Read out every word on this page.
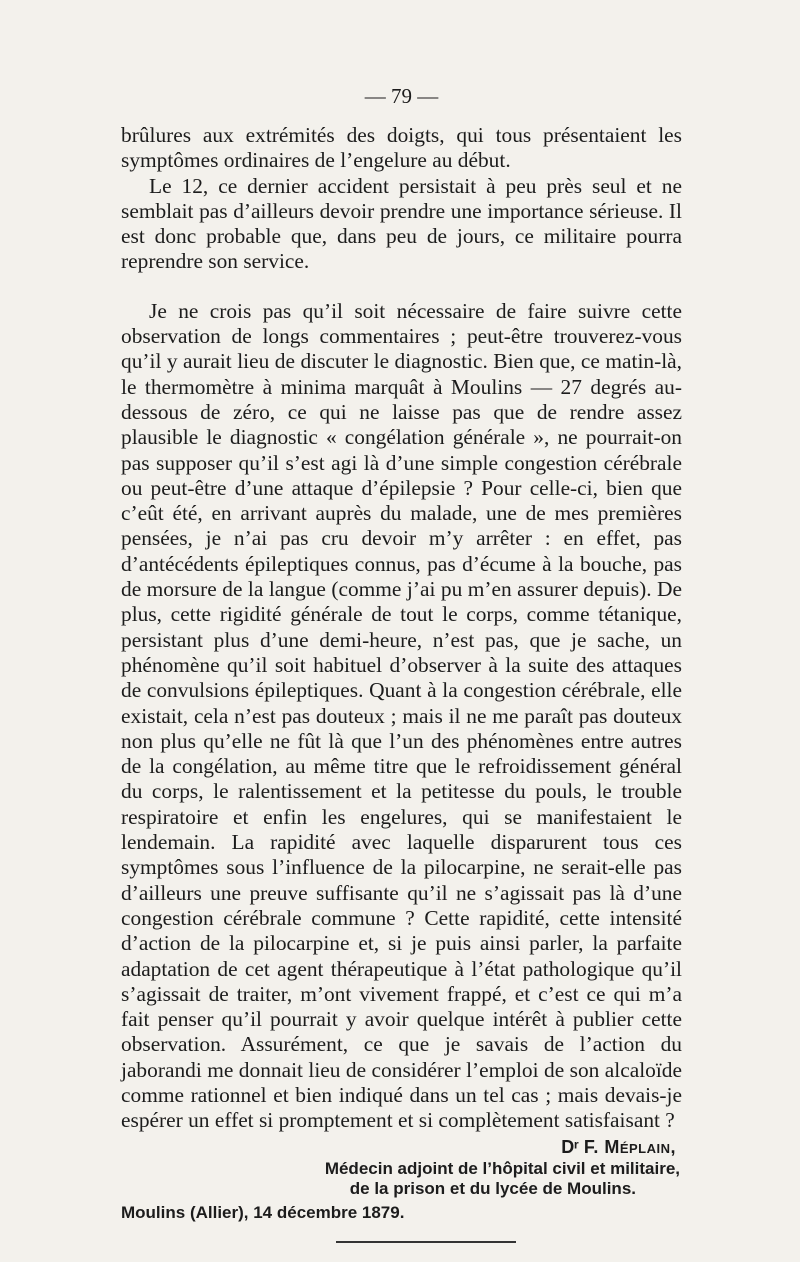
— 79 —

brûlures aux extrémités des doigts, qui tous présentaient les symptômes ordinaires de l’engelure au début.

Le 12, ce dernier accident persistait à peu près seul et ne semblait pas d’ailleurs devoir prendre une importance sérieuse. Il est donc probable que, dans peu de jours, ce militaire pourra reprendre son service.

Je ne crois pas qu’il soit nécessaire de faire suivre cette observation de longs commentaires ; peut-être trouverez-vous qu’il y aurait lieu de discuter le diagnostic. Bien que, ce matin-là, le thermomètre à minima marquât à Moulins — 27 degrés au-dessous de zéro, ce qui ne laisse pas que de rendre assez plausible le diagnostic « congélation générale », ne pourrait-on pas supposer qu’il s’est agi là d’une simple congestion cérébrale ou peut-être d’une attaque d’épilepsie ? Pour celle-ci, bien que c’eût été, en arrivant auprès du malade, une de mes premières pensées, je n’ai pas cru devoir m’y arrêter : en effet, pas d’antécédents épileptiques connus, pas d’écume à la bouche, pas de morsure de la langue (comme j’ai pu m’en assurer depuis). De plus, cette rigidité générale de tout le corps, comme tétanique, persistant plus d’une demi-heure, n’est pas, que je sache, un phénomène qu’il soit habituel d’observer à la suite des attaques de convulsions épileptiques. Quant à la congestion cérébrale, elle existait, cela n’est pas douteux ; mais il ne me paraît pas douteux non plus qu’elle ne fût là que l’un des phénomènes entre autres de la congélation, au même titre que le refroidissement général du corps, le ralentissement et la petitesse du pouls, le trouble respiratoire et enfin les engelures, qui se manifestaient le lendemain. La rapidité avec laquelle disparurent tous ces symptômes sous l’influence de la pilocarpine, ne serait-elle pas d’ailleurs une preuve suffisante qu’il ne s’agissait pas là d’une congestion cérébrale commune ? Cette rapidité, cette intensité d’action de la pilocarpine et, si je puis ainsi parler, la parfaite adaptation de cet agent thérapeutique à l’état pathologique qu’il s’agissait de traiter, m’ont vivement frappé, et c’est ce qui m’a fait penser qu’il pourrait y avoir quelque intérêt à publier cette observation. Assurément, ce que je savais de l’action du jaborandi me donnait lieu de considérer l’emploi de son alcaloïde comme rationnel et bien indiqué dans un tel cas ; mais devais-je espérer un effet si promptement et si complètement satisfaisant ?

Dʳ F. Méplain,
Médecin adjoint de l’hôpital civil et militaire,
de la prison et du lycée de Moulins.
Moulins (Allier), 14 décembre 1879.
